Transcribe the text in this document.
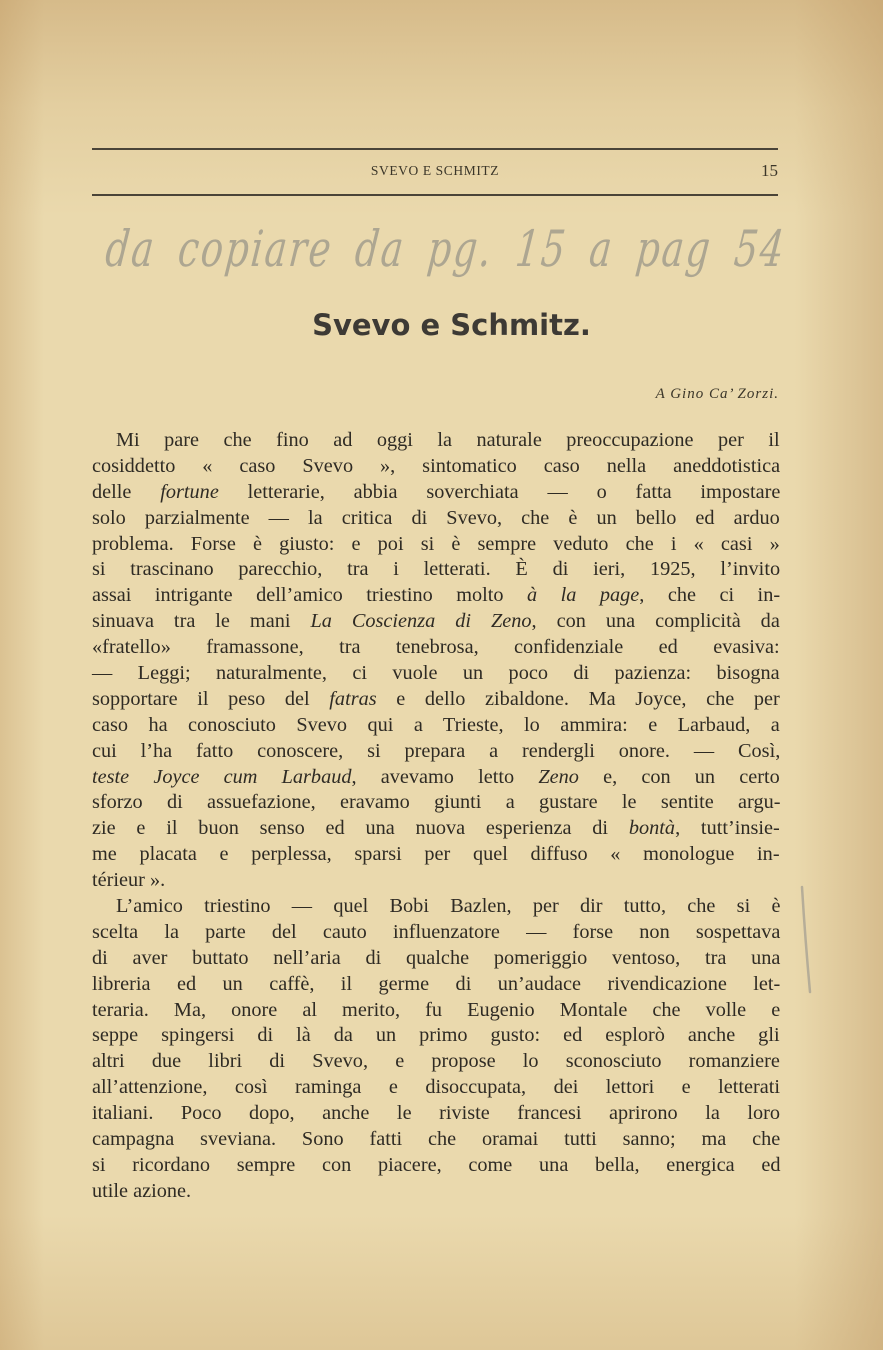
SVEVO E SCHMITZ	15
da copiare da pg. 15 a pag 54
Svevo e Schmitz.
A Gino Ca’ Zorzi.
Mi pare che fino ad oggi la naturale preoccupazione per il
cosiddetto « caso Svevo », sintomatico caso nella aneddotistica
delle fortune letterarie, abbia soverchiata — o fatta impostare
solo parzialmente — la critica di Svevo, che è un bello ed arduo
problema. Forse è giusto: e poi si è sempre veduto che i « casi »
si trascinano parecchio, tra i letterati. È di ieri, 1925, l’invito
assai intrigante dell’amico triestino molto à la page, che ci in-
sinuava tra le mani La Coscienza di Zeno, con una complicità da
«fratello» framassone, tra tenebrosa, confidenziale ed evasiva:
— Leggi; naturalmente, ci vuole un poco di pazienza: bisogna
sopportare il peso del fatras e dello zibaldone. Ma Joyce, che per
caso ha conosciuto Svevo qui a Trieste, lo ammira: e Larbaud, a
cui l’ha fatto conoscere, si prepara a rendergli onore. — Così,
teste Joyce cum Larbaud, avevamo letto Zeno e, con un certo
sforzo di assuefazione, eravamo giunti a gustare le sentite argu-
zie e il buon senso ed una nuova esperienza di bontà, tutt’insie-
me placata e perplessa, sparsi per quel diffuso « monologue in-
térieur ».
L’amico triestino — quel Bobi Bazlen, per dir tutto, che si è
scelta la parte del cauto influenzatore — forse non sospettava
di aver buttato nell’aria di qualche pomeriggio ventoso, tra una
libreria ed un caffè, il germe di un’audace rivendicazione let-
teraria. Ma, onore al merito, fu Eugenio Montale che volle e
seppe spingersi di là da un primo gusto: ed esplorò anche gli
altri due libri di Svevo, e propose lo sconosciuto romanziere
all’attenzione, così raminga e disoccupata, dei lettori e letterati
italiani. Poco dopo, anche le riviste francesi aprirono la loro
campagna sveviana. Sono fatti che oramai tutti sanno; ma che
si ricordano sempre con piacere, come una bella, energica ed
utile azione.
